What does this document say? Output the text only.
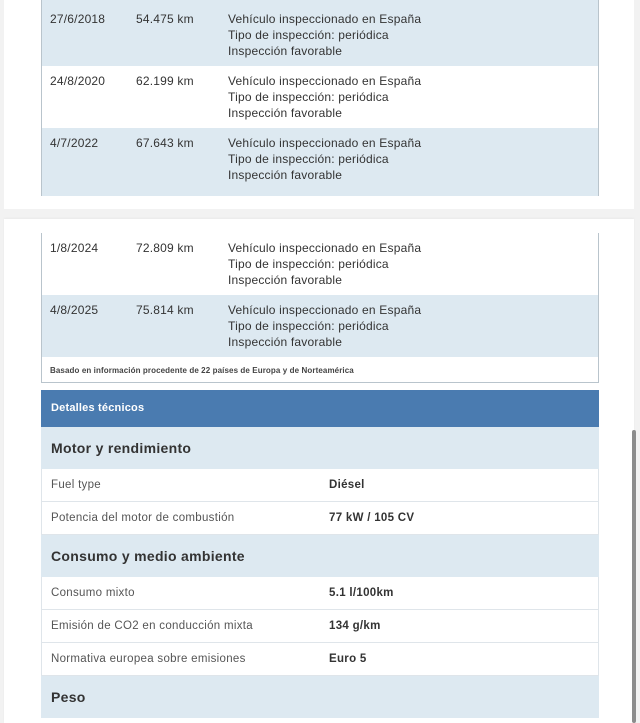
27/6/2018	54.475 km	Vehículo inspeccionado en España
Tipo de inspección: periódica
Inspección favorable
24/8/2020	62.199 km	Vehículo inspeccionado en España
Tipo de inspección: periódica
Inspección favorable
4/7/2022	67.643 km	Vehículo inspeccionado en España
Tipo de inspección: periódica
Inspección favorable
1/8/2024	72.809 km	Vehículo inspeccionado en España
Tipo de inspección: periódica
Inspección favorable
4/8/2025	75.814 km	Vehículo inspeccionado en España
Tipo de inspección: periódica
Inspección favorable
Basado en información procedente de 22 países de Europa y de Norteamérica
Detalles técnicos
Motor y rendimiento
Fuel type	Diésel
Potencia del motor de combustión	77 kW / 105 CV
Consumo y medio ambiente
Consumo mixto	5.1 l/100km
Emisión de CO2 en conducción mixta	134 g/km
Normativa europea sobre emisiones	Euro 5
Peso
